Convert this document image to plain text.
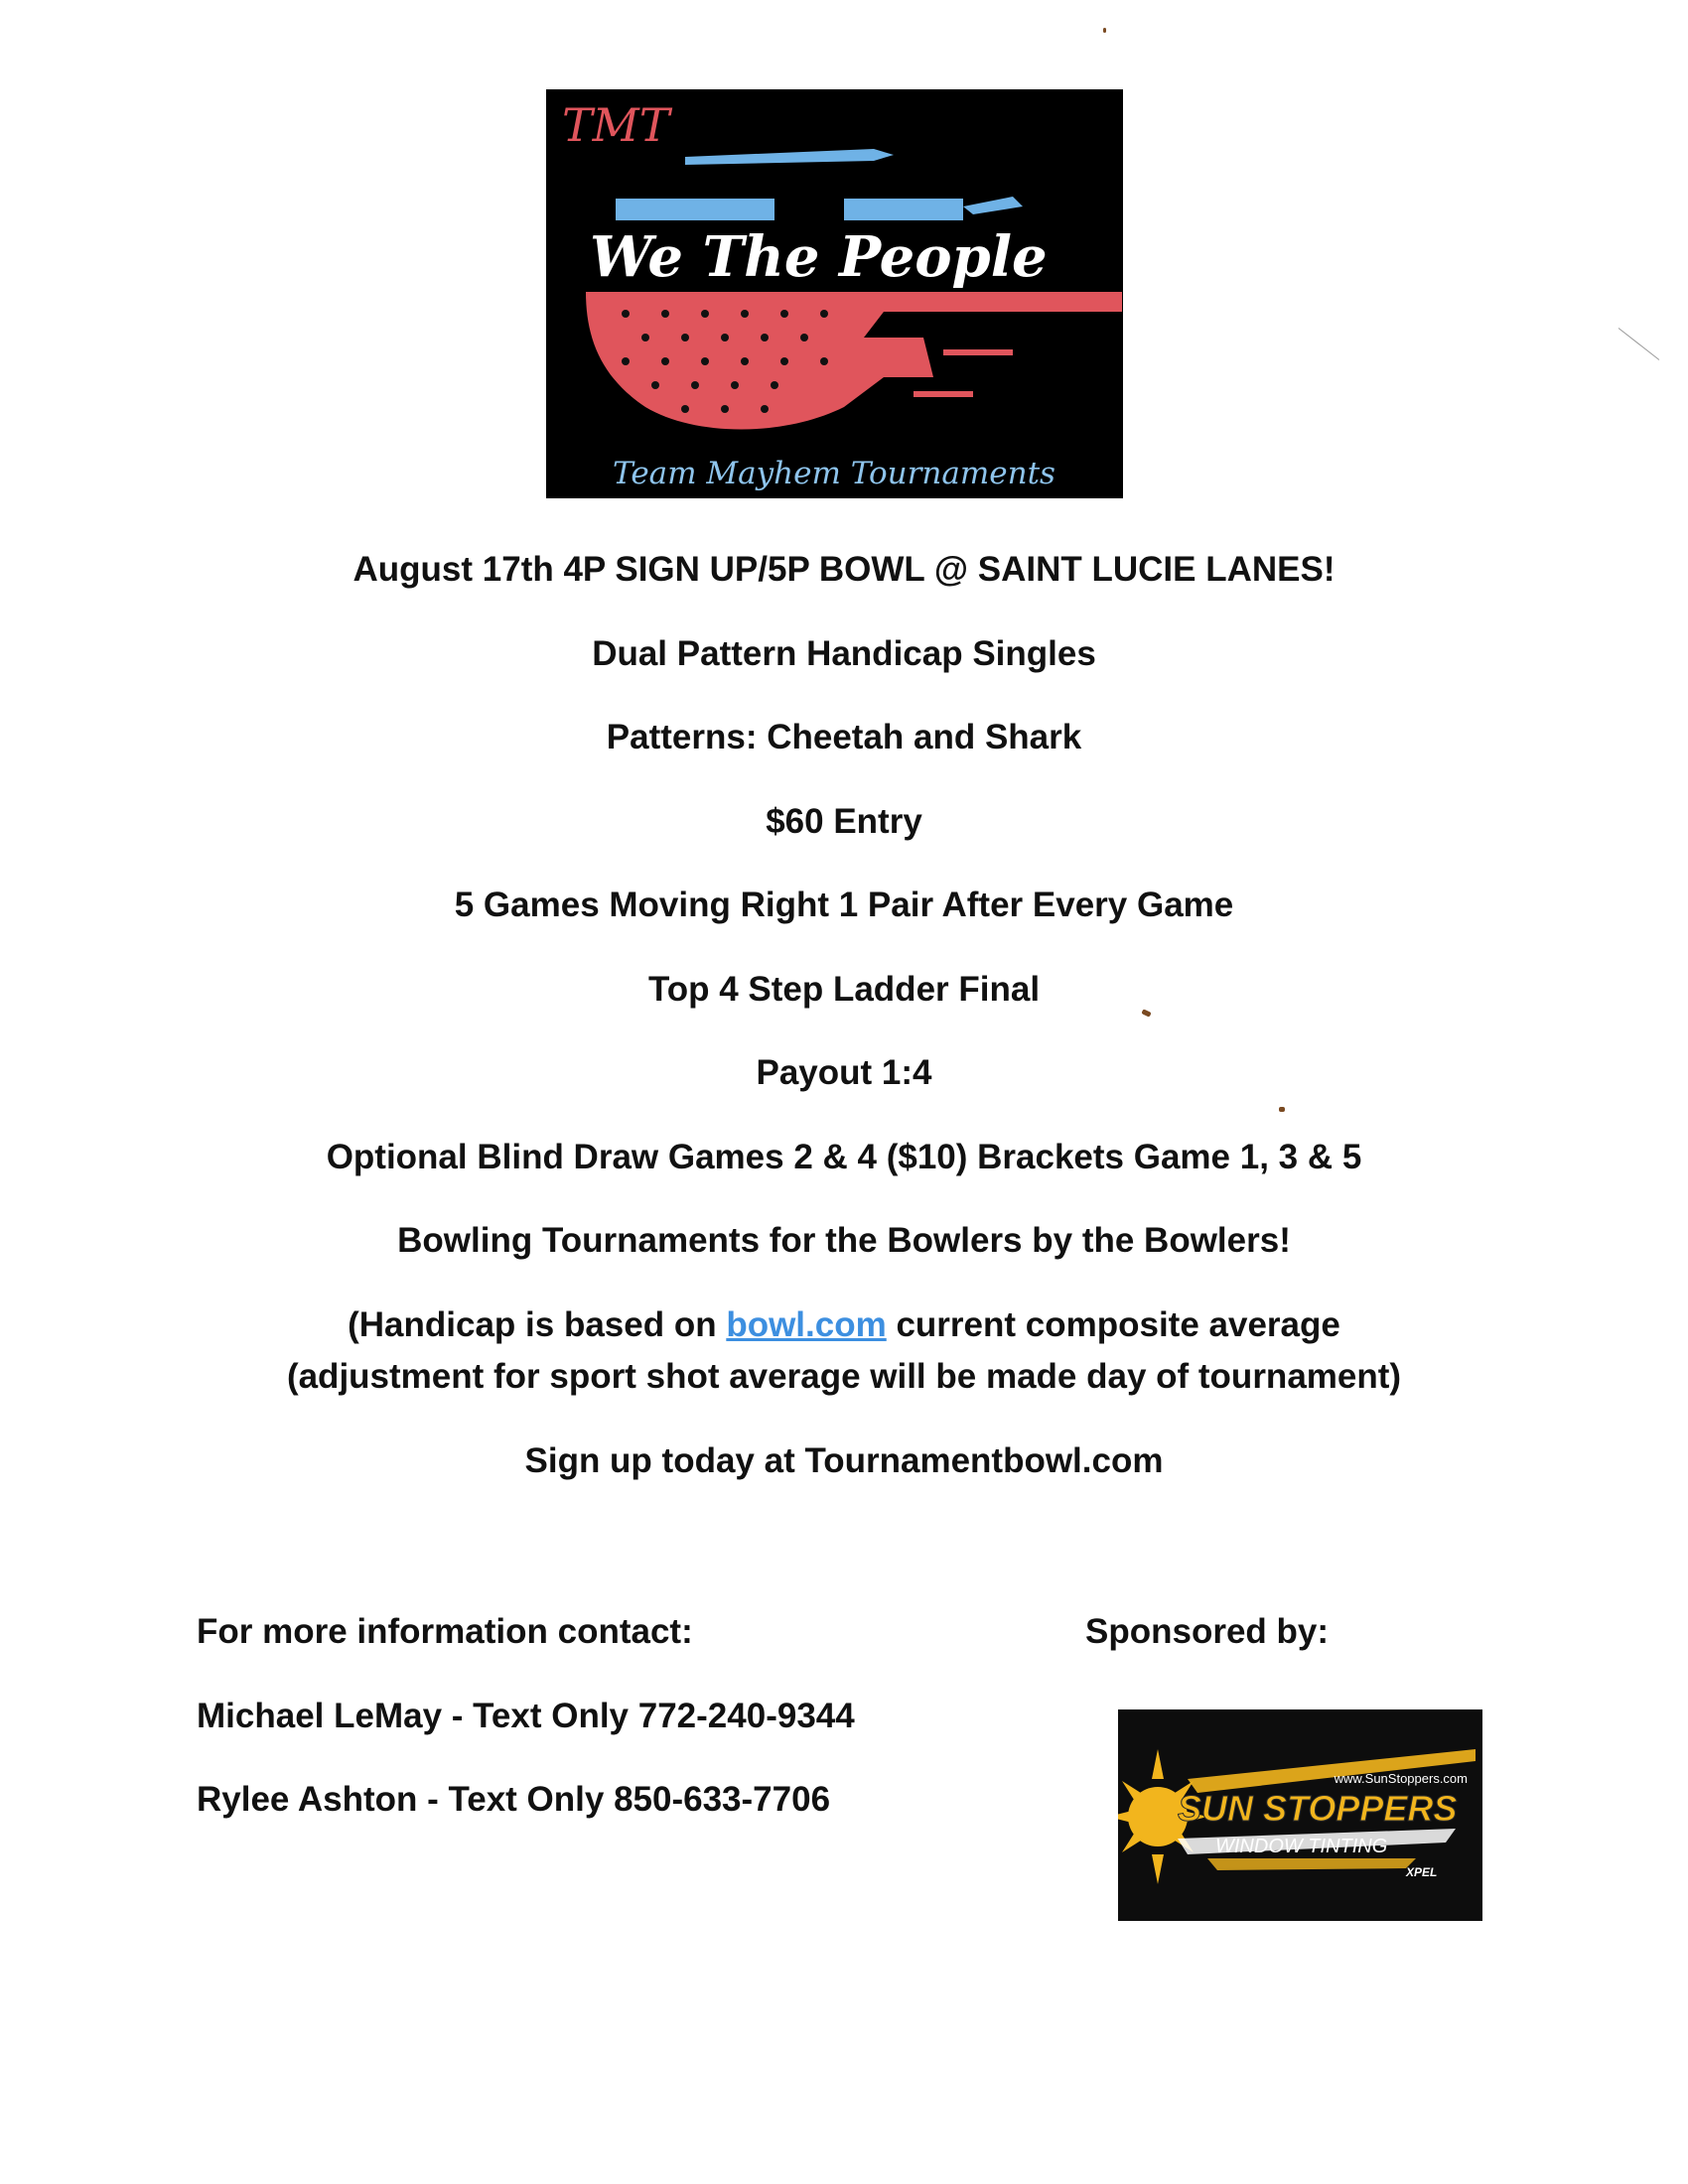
TMT
We The People
Team Mayhem Tournaments
August 17th 4P SIGN UP/5P BOWL @ SAINT LUCIE LANES!
Dual Pattern Handicap Singles
Patterns: Cheetah and Shark
$60 Entry
5 Games Moving Right 1 Pair After Every Game
Top 4 Step Ladder Final
Payout 1:4
Optional Blind Draw Games 2 & 4 ($10) Brackets Game 1, 3 & 5
Bowling Tournaments for the Bowlers by the Bowlers!
(Handicap is based on bowl.com current composite average
(adjustment for sport shot average will be made day of tournament)
Sign up today at Tournamentbowl.com
For more information contact:
Michael LeMay - Text Only 772-240-9344
Rylee Ashton - Text Only 850-633-7706
Sponsored by:
www.SunStoppers.com
SUN STOPPERS
WINDOW TINTING
XPEL
